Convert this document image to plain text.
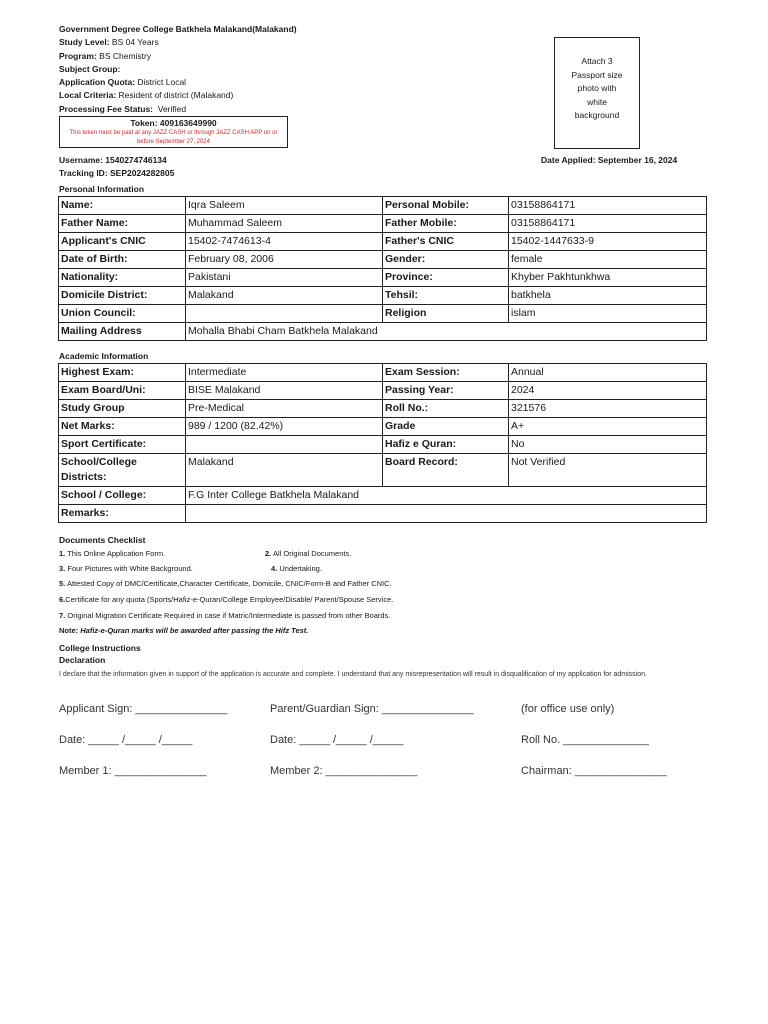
Government Degree College Batkhela Malakand(Malakand)
Study Level: BS 04 Years
Program: BS Chemistry
Subject Group:
Application Quota: District Local
Local Criteria: Resident of district (Malakand)
Processing Fee Status: Verified
Attach 3
Passport size
photo with
white
background
Token: 409163649990
This token must be paid at any JAZZ CASH or through JAZZ CASH APP on or before September 27, 2024
Username: 1540274746134
Tracking ID: SEP2024282805
Date Applied: September 16, 2024
Personal Information
Name:	Iqra Saleem	Personal Mobile:	03158864171
Father Name:	Muhammad Saleem	Father Mobile:	03158864171
Applicant's CNIC	15402-7474613-4	Father's CNIC	15402-1447633-9
Date of Birth:	February 08, 2006	Gender:	female
Nationality:	Pakistani	Province:	Khyber Pakhtunkhwa
Domicile District:	Malakand	Tehsil:	batkhela
Union Council:		Religion	islam
Mailing Address	Mohalla Bhabi Cham Batkhela Malakand		
Academic Information
Highest Exam:	Intermediate	Exam Session:	Annual
Exam Board/Uni:	BISE Malakand	Passing Year:	2024
Study Group	Pre-Medical	Roll No.:	321576
Net Marks:	989 / 1200 (82.42%)	Grade	A+
Sport Certificate:		Hafiz e Quran:	No
School/College Districts:	Malakand	Board Record:	Not Verified
School / College:	F.G Inter College Batkhela Malakand		
Remarks:			
Documents Checklist
1. This Online Application Form.	2. All Original Documents.
3. Four Pictures with White Background.	4. Undertaking.
5. Attested Copy of DMC/Certificate,Character Certificate, Domicile, CNIC/Form-B and Father CNIC.
6.Certificate for any quota (Sports/Hafiz-e-Quran/College Employee/Disable/ Parent/Spouse Service.
7. Original Migration Certificate Required in case if Matric/Intermediate is passed from other Boards.
Note: Hafiz-e-Quran marks will be awarded after passing the Hifz Test.
College Instructions
Declaration
I declare that the information given in support of the application is accurate and complete. I understand that any misrepresentation will result in disqualification of my application for admission.
Applicant Sign: _______________	Parent/Guardian Sign: _______________	(for office use only)
Date: _____ /_____ /_____	Date: _____ /_____ /_____	Roll No. ______________
Member 1: _______________	Member 2: _______________	Chairman: _______________
